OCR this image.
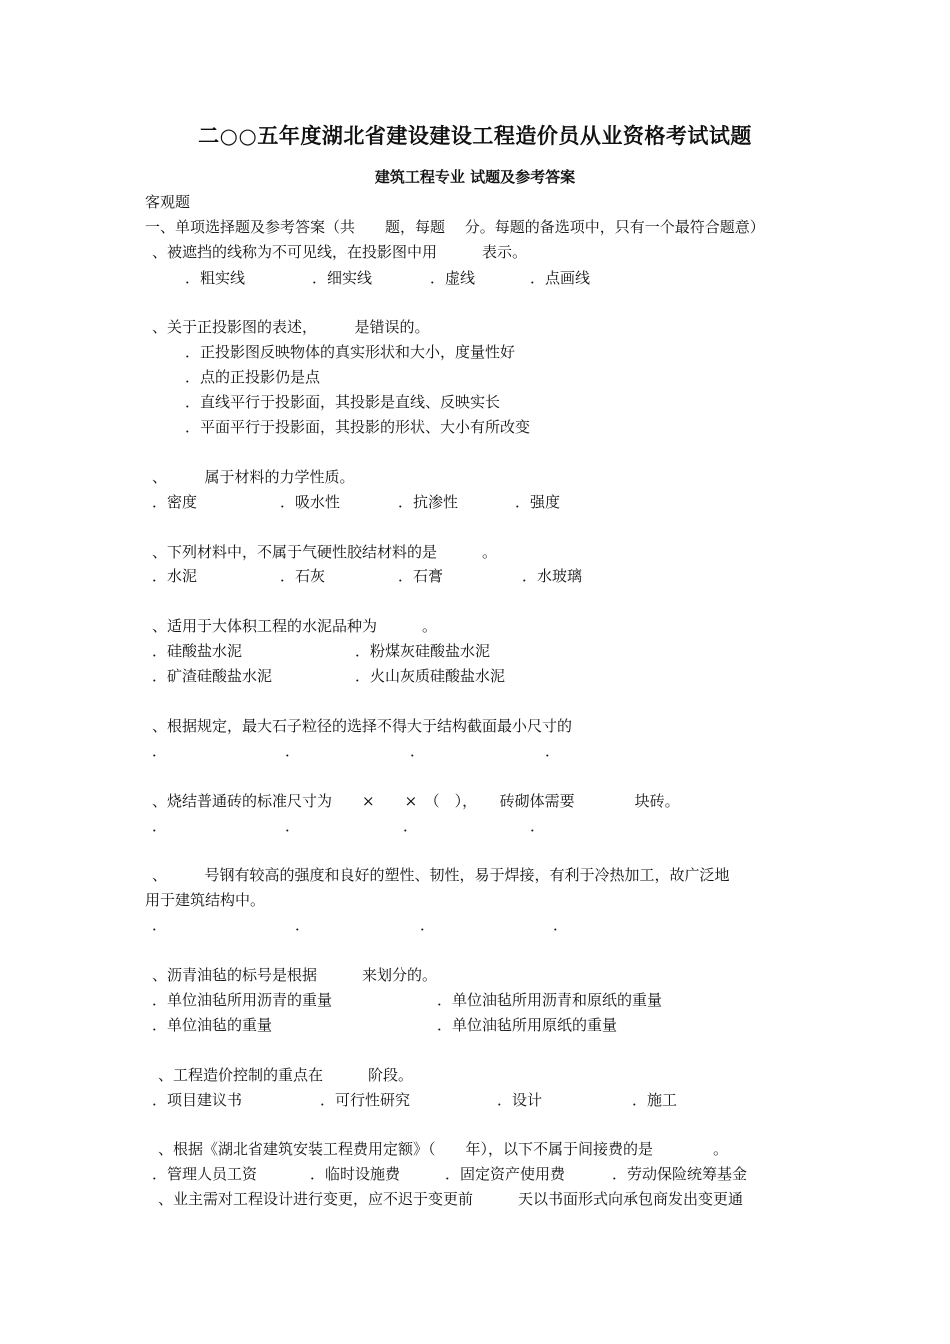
二○○五年度湖北省建设建设工程造价员从业资格考试试题
建筑工程专业 试题及参考答案
客观题
一、单项选择题及参考答案（共　　题，每题　 分。每题的备选项中，只有一个最符合题意）
、被遮挡的线称为不可见线，在投影图中用　　　表示。
．粗实线	．细实线	．虚线	．点画线
、关于正投影图的表述，　　　是错误的。
．正投影图反映物体的真实形状和大小，度量性好
．点的正投影仍是点
．直线平行于投影面，其投影是直线、反映实长
．平面平行于投影面，其投影的形状、大小有所改变
、　　　属于材料的力学性质。
．密度	．吸水性	．抗渗性	．强度
、下列材料中，不属于气硬性胶结材料的是　　　。
．水泥	．石灰	．石膏	．水玻璃
、适用于大体积工程的水泥品种为　　　。
．硅酸盐水泥	．粉煤灰硅酸盐水泥
．矿渣硅酸盐水泥	．火山灰质硅酸盐水泥
、根据规定，最大石子粒径的选择不得大于结构截面最小尺寸的
．	．	．	．
、烧结普通砖的标准尺寸为　　×　　×　（　），　　砖砌体需要　　　　块砖。
．	．	．	．
、　　　号钢有较高的强度和良好的塑性、韧性，易于焊接，有利于冷热加工，故广泛地
用于建筑结构中。
．	．	．	．
、沥青油毡的标号是根据　　　来划分的。
．单位油毡所用沥青的重量	．单位油毡所用沥青和原纸的重量
．单位油毡的重量	．单位油毡所用原纸的重量
、工程造价控制的重点在　　　阶段。
．项目建议书	．可行性研究	．设计	．施工
、根据《湖北省建筑安装工程费用定额》（　　年），以下不属于间接费的是　　　　。
．管理人员工资	．临时设施费	．固定资产使用费	．劳动保险统筹基金
、业主需对工程设计进行变更，应不迟于变更前　　　天以书面形式向承包商发出变更通
